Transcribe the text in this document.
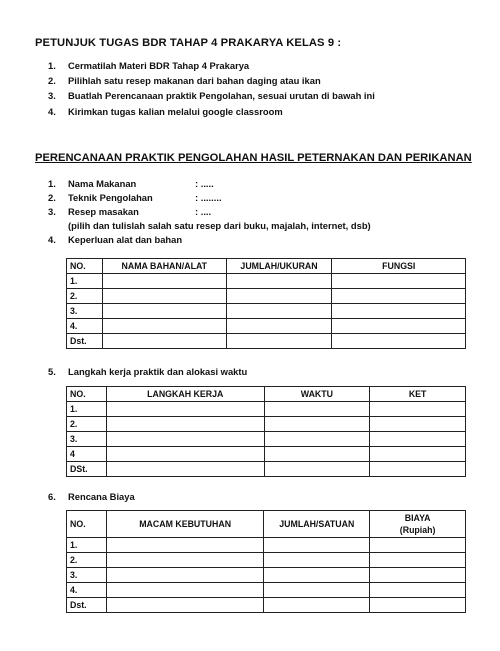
PETUNJUK TUGAS BDR TAHAP 4 PRAKARYA KELAS 9 :
1. Cermatilah Materi BDR Tahap 4 Prakarya
2. Pilihlah satu resep makanan dari bahan daging atau ikan
3. Buatlah Perencanaan praktik Pengolahan, sesuai urutan di bawah ini
4. Kirimkan tugas kalian melalui google classroom
PERENCANAAN PRAKTIK PENGOLAHAN HASIL PETERNAKAN DAN PERIKANAN
1. Nama Makanan	: .....
2. Teknik Pengolahan	: ........
3. Resep masakan	: ....
(pilih dan tulislah salah satu resep dari buku, majalah, internet, dsb)
4. Keperluan alat dan bahan
NO.	NAMA BAHAN/ALAT	JUMLAH/UKURAN	FUNGSI
1.			
2.			
3.			
4.			
Dst.			
5. Langkah kerja praktik dan alokasi waktu
NO.	LANGKAH KERJA	WAKTU	KET
1.			
2.			
3.			
4			
DSt.			
6. Rencana Biaya
NO.	MACAM KEBUTUHAN	JUMLAH/SATUAN	BIAYA
(Rupiah)
1.			
2.			
3.			
4.			
Dst.			
